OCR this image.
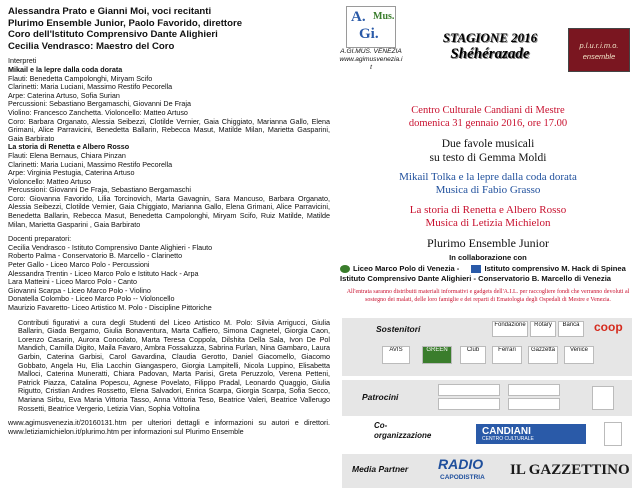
Alessandra Prato e Gianni Moi, voci recitanti
Plurimo Ensemble Junior, Paolo Favorido, direttore
Coro dell'Istituto Comprensivo Dante Alighieri
Cecilia Vendrasco: Maestro del Coro
Interpreti
Mikail e la lepre dalla coda dorata
Flauti: Benedetta Campolonghi, Miryam Scifo
Clarinetti: Maria Luciani, Massimo Restifo Pecorella
Arpe: Caterina Artuso, Sofia Surian
Percussioni: Sebastiano Bergamaschi, Giovanni De Fraja
Violino: Francesco Zanchetta. Violoncello: Matteo Artuso
Coro: Barbara Organato, Alessia Seibezzi, Clotilde Vernier, Gaia Chiggiato, Marianna Gallo, Elena Grimani, Alice Parravicini, Benedetta Ballarin, Rebecca Masut, Matilde Milan, Marietta Gasparini, Gaia Barbirato
La storia di Renetta e Albero Rosso
Flauti: Elena Bernaus, Chiara Pinzan
Clarinetti: Maria Luciani, Massimo Restifo Pecorella
Arpe: Virginia Pestugia, Caterina Artuso
Violoncello: Matteo Artuso
Percussioni: Giovanni De Fraja, Sebastiano Bergamaschi
Coro: Giovanna Favorido, Lilia Torcinovich, Marta Gavagnin, Sara Mancuso, Barbara Organato, Alessia Seibezzi, Clotilde Vernier, Gaia Chiggiato, Marianna Gallo, Elena Grimani, Alice Parravicini, Benedetta Ballarin, Rebecca Masut, Benedetta Campolonghi, Miryam Scifo, Ruiz Matilde, Matilde Milan, Marietta Gasparini , Gaia Barbirato
Docenti preparatori:
Cecilia Vendrasco - Istituto Comprensivo Dante Alighieri - Flauto
Roberto Palma - Conservatorio B. Marcello - Clarinetto
Peter Gallo - Liceo Marco Polo - Percussioni
Alessandra Trentin - Liceo Marco Polo e Istituto Hack - Arpa
Lara Matteini - Liceo Marco Polo - Canto
Giovanni Scarpa - Liceo Marco Polo - Violino
Donatella Colombo - Liceo Marco Polo -- Violoncello
Maurizio Favaretto- Liceo Artistico M. Polo - Discipline Pittoriche
Contributi figurativi a cura degli Studenti del Liceo Artistico M. Polo: Silvia Arrigucci, Giulia Ballarin, Giada Bergamo, Giulia Bonaventura, Marta Caffiero, Simona Cagnetel, Giorgia Caon, Lorenzo Casarin, Aurora Concolato, Marta Teresa Coppola, Dilshita Della Sala, Ivon De Pol Mandich, Camilla Digito, Maila Favaro, Ambra Fossaluzza, Sabrina Furlan, Nina Gambaro, Laura Garbin, Caterina Garbisi, Carol Gavardina, Claudia Gerotto, Daniel Giacomello, Giacomo Gobbato, Angela Hu, Elia Lacchin Giangaspero, Giorgia Lampitelli, Nicola Luppino, Elisabetta Malloci, Caterina Muneratti, Chiara Padovan, Marta Parisi, Greta Peruzzolo, Verena Petteni, Patrick Piazza, Catalina Popescu, Agnese Povelato, Filippo Pradal, Leonardo Quaggio, Giulia Rigutto, Cristian Andres Rossetto, Elena Salvadori, Enrica Scarpa, Giorgia Scarpa, Sofia Secco, Mariana Sirbu, Eva Maria Vittoria Tasso, Anna Vittoria Teso, Beatrice Valeri, Beatrice Vallerugo Rossetti, Beatrice Vergerio, Letizia Vian, Sophia Voltolina
www.agimusvenezia.it/20160131.htm per ulteriori dettagli e informazioni su autori e direttori. www.letiziamichielon.it/plurimo.htm per informazioni sul Plurimo Ensemble
A. Mus.
Gi.
A.GI.MUS. VENEZIA
www.agimusvenezia.i
t
STAGIONE 2016
Shéhérazade
p.l.u.r.i.m.o.
ensemble
Centro Culturale Candiani di Mestre
domenica 31 gennaio 2016, ore 17.00
Due favole musicali
su testo di Gemma Moldi
Mikail Tolka e la lepre dalla coda dorata
Musica di Fabio Grasso
La storia di Renetta e Albero Rosso
Musica di Letizia Michielon
Plurimo Ensemble Junior
In collaborazione con
Liceo Marco Polo di Venezia -	Istituto comprensivo M. Hack di Spinea
Istituto Comprensivo Dante Alighieri - Conservatorio B. Marcello di Venezia
All'entrata saranno distribuiti materiali informativi e gadgets dell'A.I.L. per raccogliere fondi che verranno devoluti al sostegno dei malati, delle loro famiglie e dei reparti di Ematologia degli Ospedali di Mestre e Venezia.
Sostenitori	Fondazione	Rotary	Banca	coop
AVIS	GREEN	Club	Ferrari	Gazzetta	Venice
Patrocini
Co-organizzazione	CANDIANI
CENTRO CULTURALE
Media Partner RADIO
CAPODISTRIA IL GAZZETTINO
